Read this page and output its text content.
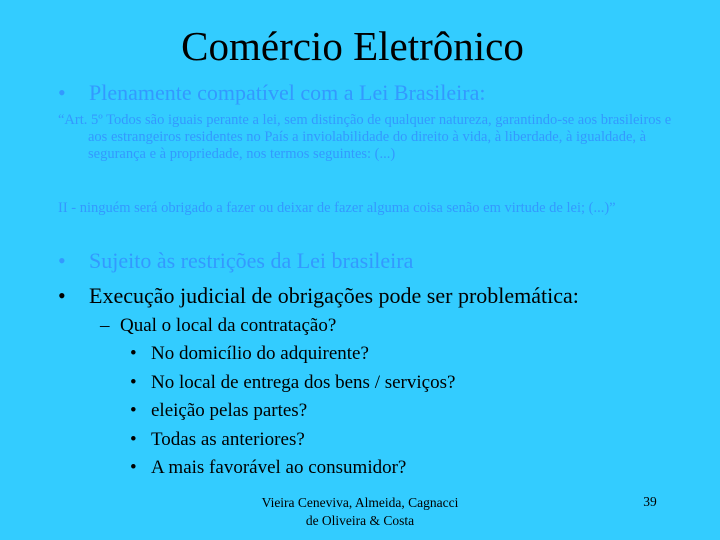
Comércio Eletrônico
• Plenamente compatível com a Lei Brasileira:
“Art. 5º Todos são iguais perante a lei, sem distinção de qualquer natureza, garantindo-se aos brasileiros e aos estrangeiros residentes no País a inviolabilidade do direito à vida, à liberdade, à igualdade, à segurança e à propriedade, nos termos seguintes: (...)
II - ninguém será obrigado a fazer ou deixar de fazer alguma coisa senão em virtude de lei; (...)”
• Sujeito às restrições da Lei brasileira
• Execução judicial de obrigações pode ser problemática:
– Qual o local da contratação?
• No domicílio do adquirente?
• No local de entrega dos bens / serviços?
• eleição pelas partes?
• Todas as anteriores?
• A mais favorável ao consumidor?
Vieira Ceneviva, Almeida, Cagnacci
de Oliveira & Costa
39
